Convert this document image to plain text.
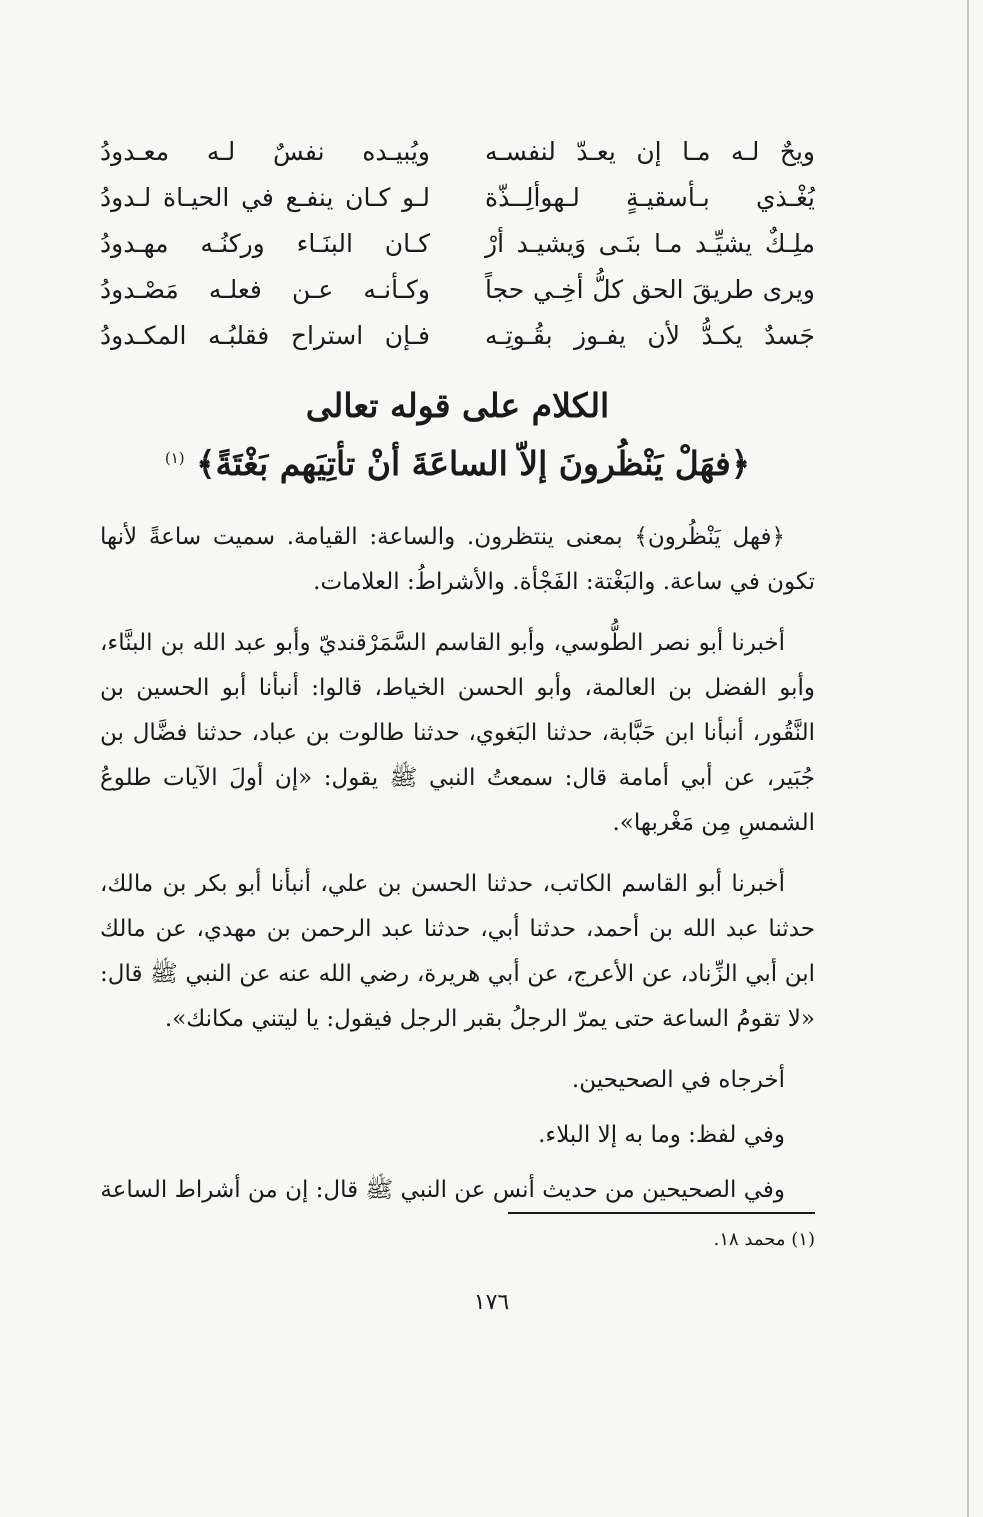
ويحٌ لـه مـا إن يعـدّ لنفسـه
ويُبيـده نفسٌ لـه معـدودُ
يُغْـذي بـأسقيـةٍ لـهوألِــذّة
لـو كـان ينفـع في الحيـاة لـدودُ
ملِـكٌ يشيِّـد مـا بنَـى وَيشيـد أرْ
كـان البنَـاء وركنُـه مهـدودُ
ويرى طريقَ الحق كلُّ أخِـي حجاً
وكـأنـه عـن فعلـه مَصْـدودُ
جَسدٌ يكـدُّ لأن يفـوز بقُـوتِـه
فـإن استراح فقلبُـه المكـدودُ
الكلام على قوله تعالى
﴿فهَلْ يَنْظُرونَ إلاّ الساعَةَ أنْ تأتِيَهم بَغْتَةً﴾ $^{(١)}$

﴿فهل يَنْظُرون﴾ بمعنى ينتظرون. والساعة: القيامة. سميت ساعةً لأنها تكون في ساعة. والبَغْتة: الفَجْأة. والأشراطُ: العلامات.

أخبرنا أبو نصر الطُّوسي، وأبو القاسم السَّمَرْقنديّ وأبو عبد الله بن البنَّاء، وأبو الفضل بن العالمة، وأبو الحسن الخياط، قالوا: أنبأنا أبو الحسين بن النَّقُور، أنبأنا ابن حَبَّابة، حدثنا البَغوي، حدثنا طالوت بن عباد، حدثنا فضَّال بن جُبَير، عن أبي أمامة قال: سمعتُ النبي ﷺ يقول: «إن أولَ الآيات طلوعُ الشمسِ مِن مَغْربها».

أخبرنا أبو القاسم الكاتب، حدثنا الحسن بن علي، أنبأنا أبو بكر بن مالك، حدثنا عبد الله بن أحمد، حدثنا أبي، حدثنا عبد الرحمن بن مهدي، عن مالك ابن أبي الزِّناد، عن الأعرج، عن أبي هريرة، رضي الله عنه عن النبي ﷺ قال: «لا تقومُ الساعة حتى يمرّ الرجلُ بقبر الرجل فيقول: يا ليتني مكانك».

أخرجاه في الصحيحين.

وفي لفظ: وما به إلا البلاء.

وفي الصحيحين من حديث أنس عن النبي ﷺ قال: إن من أشراط الساعة

(١) محمد ١٨.
١٧٦
